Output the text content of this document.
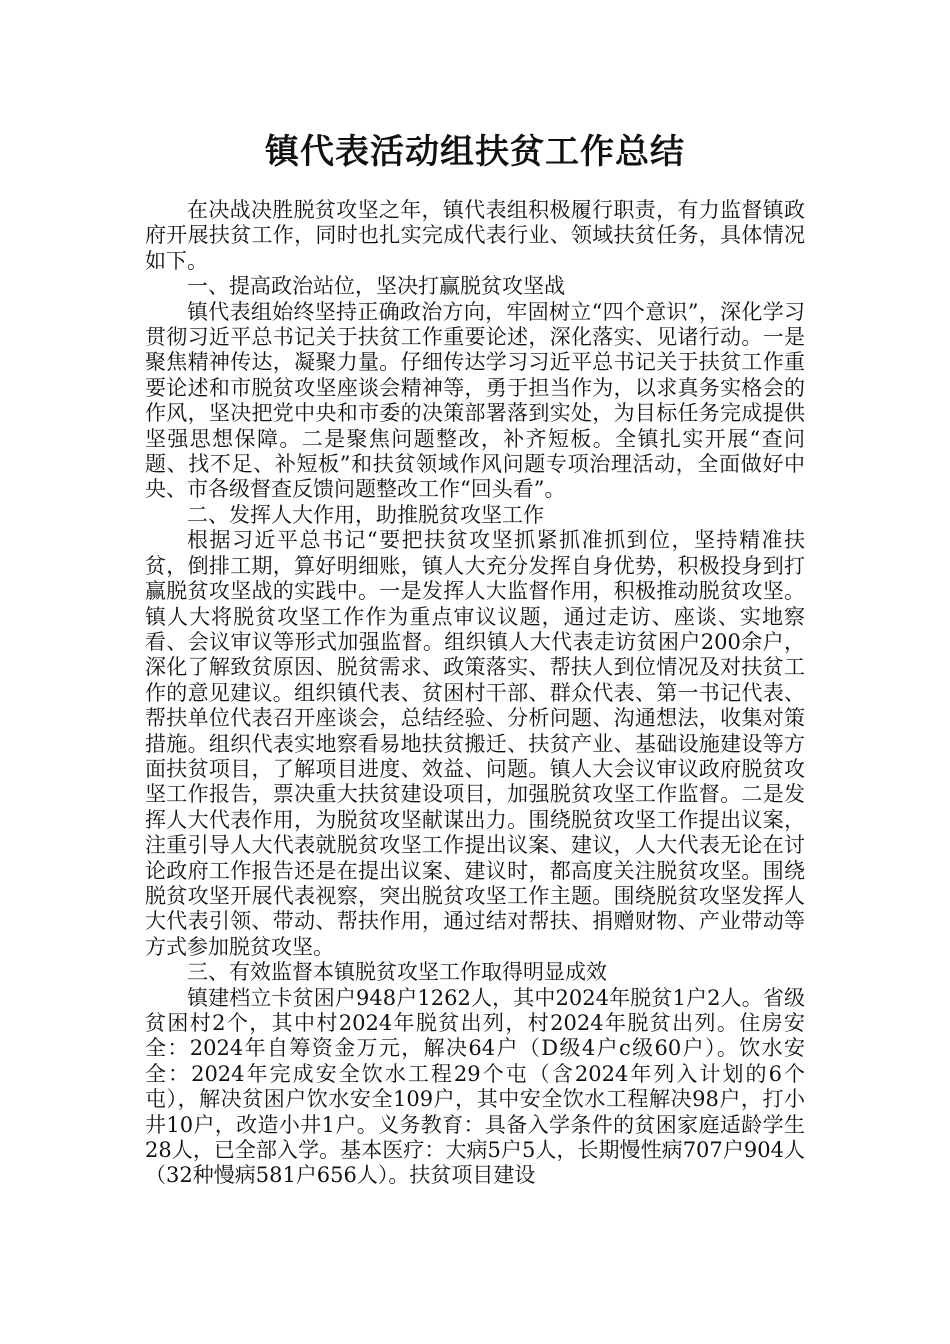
镇代表活动组扶贫工作总结

在决战决胜脱贫攻坚之年，镇代表组积极履行职责，有力监督镇政府开展扶贫工作，同时也扎实完成代表行业、领域扶贫任务，具体情况如下。

一、提高政治站位，坚决打赢脱贫攻坚战

镇代表组始终坚持正确政治方向，牢固树立“四个意识”，深化学习贯彻习近平总书记关于扶贫工作重要论述，深化落实、见诸行动。一是聚焦精神传达，凝聚力量。仔细传达学习习近平总书记关于扶贫工作重要论述和市脱贫攻坚座谈会精神等，勇于担当作为，以求真务实格会的作风，坚决把党中央和市委的决策部署落到实处，为目标任务完成提供坚强思想保障。二是聚焦问题整改，补齐短板。全镇扎实开展“查问题、找不足、补短板”和扶贫领域作风问题专项治理活动，全面做好中央、市各级督查反馈问题整改工作“回头看”。

二、发挥人大作用，助推脱贫攻坚工作

根据习近平总书记“要把扶贫攻坚抓紧抓准抓到位，坚持精准扶贫，倒排工期，算好明细账，镇人大充分发挥自身优势，积极投身到打赢脱贫攻坚战的实践中。一是发挥人大监督作用，积极推动脱贫攻坚。镇人大将脱贫攻坚工作作为重点审议议题，通过走访、座谈、实地察看、会议审议等形式加强监督。组织镇人大代表走访贫困户200余户，深化了解致贫原因、脱贫需求、政策落实、帮扶人到位情况及对扶贫工作的意见建议。组织镇代表、贫困村干部、群众代表、第一书记代表、帮扶单位代表召开座谈会，总结经验、分析问题、沟通想法，收集对策措施。组织代表实地察看易地扶贫搬迁、扶贫产业、基础设施建设等方面扶贫项目，了解项目进度、效益、问题。镇人大会议审议政府脱贫攻坚工作报告，票决重大扶贫建设项目，加强脱贫攻坚工作监督。二是发挥人大代表作用，为脱贫攻坚献谋出力。围绕脱贫攻坚工作提出议案，注重引导人大代表就脱贫攻坚工作提出议案、建议，人大代表无论在讨论政府工作报告还是在提出议案、建议时，都高度关注脱贫攻坚。围绕脱贫攻坚开展代表视察，突出脱贫攻坚工作主题。围绕脱贫攻坚发挥人大代表引领、带动、帮扶作用，通过结对帮扶、捐赠财物、产业带动等方式参加脱贫攻坚。

三、有效监督本镇脱贫攻坚工作取得明显成效

镇建档立卡贫困户948户1262人，其中2024年脱贫1户2人。省级贫困村2个，其中村2024年脱贫出列，村2024年脱贫出列。住房安全：2024年自筹资金万元，解决64户（D级4户c级60户）。饮水安全：2024年完成安全饮水工程29个屯（含2024年列入计划的6个屯），解决贫困户饮水安全109户，其中安全饮水工程解决98户，打小井10户，改造小井1户。义务教育：具备入学条件的贫困家庭适龄学生28人，已全部入学。基本医疗：大病5户5人，长期慢性病707户904人（32种慢病581户656人）。扶贫项目建设
